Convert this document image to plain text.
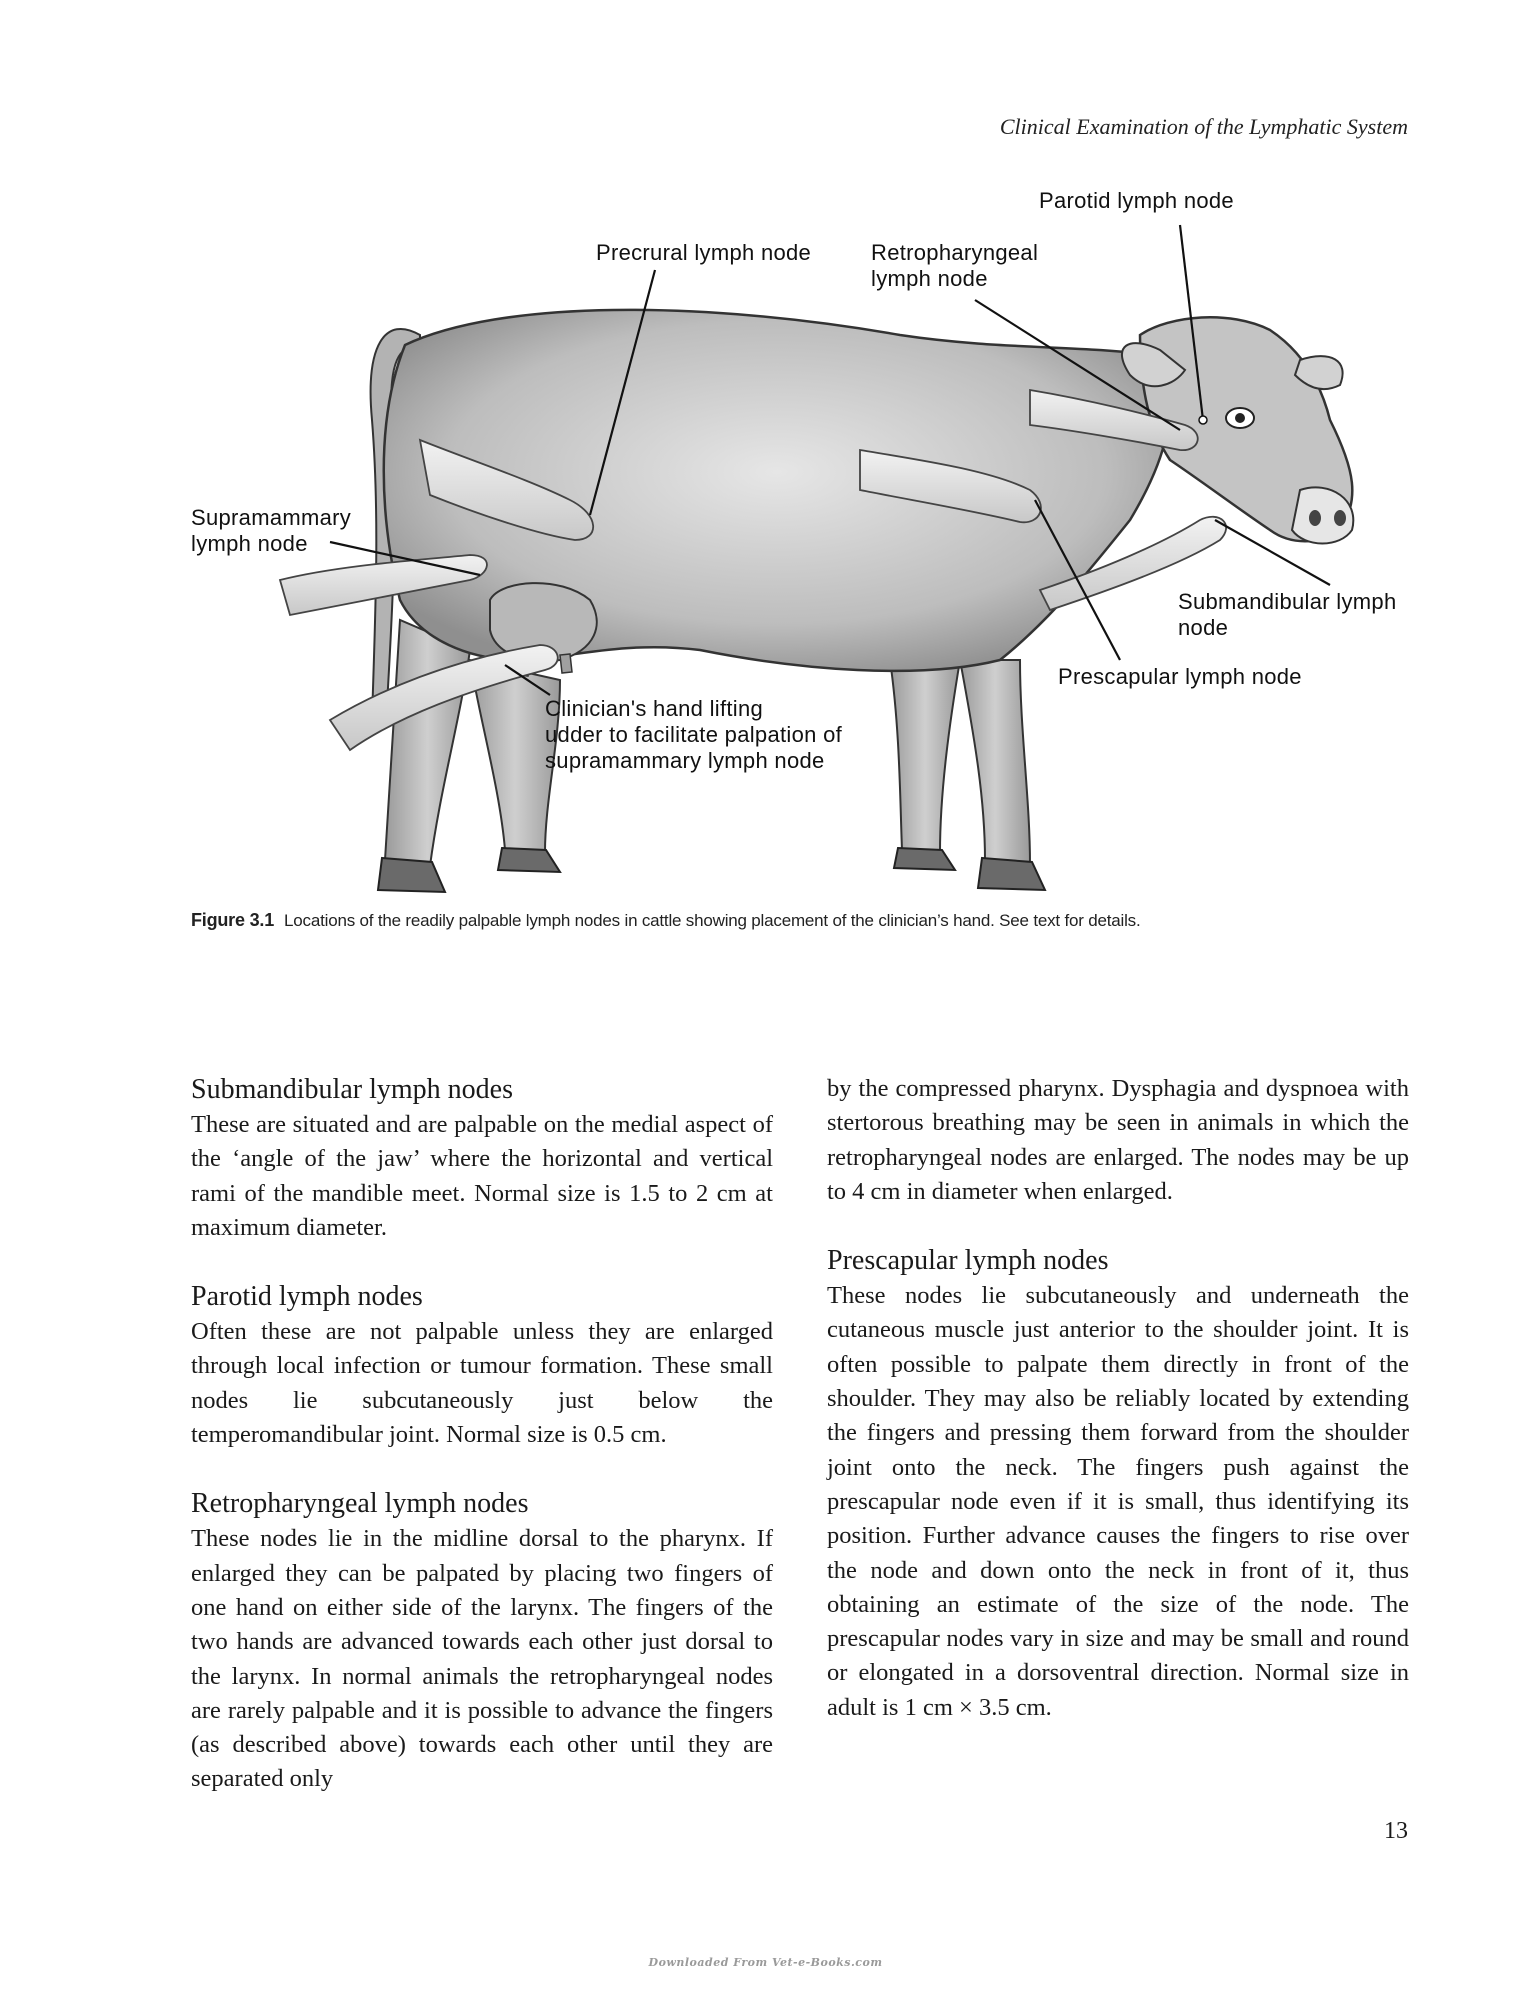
Clinical Examination of the Lymphatic System
Parotid lymph node
Precrural lymph node	Retropharyngeal
lymph node
Supramammary
lymph node
Submandibular lymph
node
Prescapular lymph node
Clinician's hand lifting
udder to facilitate palpation of
supramammary lymph node
Figure 3.1 Locations of the readily palpable lymph nodes in cattle showing placement of the clinician’s hand. See text for details.
Submandibular lymph nodes

These are situated and are palpable on the medial aspect of the ‘angle of the jaw’ where the horizontal and vertical rami of the mandible meet. Normal size is 1.5 to 2 cm at maximum diameter.

Parotid lymph nodes

Often these are not palpable unless they are enlarged through local infection or tumour formation. These small nodes lie subcutaneously just below the temperomandibular joint. Normal size is 0.5 cm.

Retropharyngeal lymph nodes

These nodes lie in the midline dorsal to the pharynx. If enlarged they can be palpated by placing two fingers of one hand on either side of the larynx. The fingers of the two hands are advanced towards each other just dorsal to the larynx. In normal animals the retropharyngeal nodes are rarely palpable and it is possible to advance the fingers (as described above) towards each other until they are separated only

by the compressed pharynx. Dysphagia and dyspnoea with stertorous breathing may be seen in animals in which the retropharyngeal nodes are enlarged. The nodes may be up to 4 cm in diameter when enlarged.

Prescapular lymph nodes

These nodes lie subcutaneously and underneath the cutaneous muscle just anterior to the shoulder joint. It is often possible to palpate them directly in front of the shoulder. They may also be reliably located by extending the fingers and pressing them forward from the shoulder joint onto the neck. The fingers push against the prescapular node even if it is small, thus identifying its position. Further advance causes the fingers to rise over the node and down onto the neck in front of it, thus obtaining an estimate of the size of the node. The prescapular nodes vary in size and may be small and round or elongated in a dorsoventral direction. Normal size in adult is 1 cm × 3.5 cm.

13
Downloaded From Vet-e-Books.com
